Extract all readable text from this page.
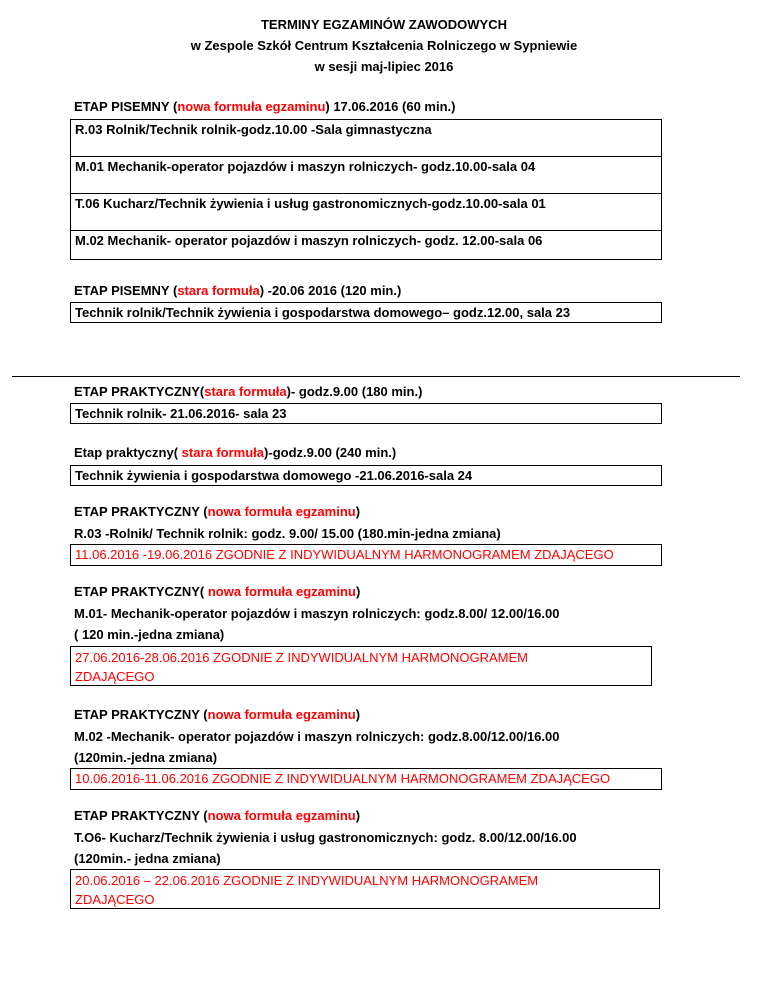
TERMINY EGZAMINÓW ZAWODOWYCH
w Zespole Szkół Centrum Kształcenia Rolniczego w Sypniewie
w sesji maj-lipiec 2016
ETAP PISEMNY (nowa formuła egzaminu) 17.06.2016 (60 min.)
R.03 Rolnik/Technik rolnik-godz.10.00 -Sala gimnastyczna
M.01 Mechanik-operator pojazdów i maszyn rolniczych- godz.10.00-sala 04
T.06 Kucharz/Technik żywienia i usług gastronomicznych-godz.10.00-sala 01
M.02 Mechanik- operator pojazdów i maszyn rolniczych- godz. 12.00-sala 06
ETAP PISEMNY (stara formuła) -20.06 2016 (120 min.)
Technik rolnik/Technik żywienia i gospodarstwa domowego– godz.12.00, sala 23
ETAP PRAKTYCZNY(stara formuła)- godz.9.00 (180 min.)
Technik rolnik- 21.06.2016- sala 23
Etap praktyczny( stara formuła)-godz.9.00 (240 min.)
Technik żywienia i gospodarstwa domowego -21.06.2016-sala 24
ETAP PRAKTYCZNY (nowa formuła egzaminu)
R.03 -Rolnik/ Technik rolnik: godz. 9.00/ 15.00 (180.min-jedna zmiana)
11.06.2016 -19.06.2016 ZGODNIE Z INDYWIDUALNYM HARMONOGRAMEM ZDAJĄCEGO
ETAP PRAKTYCZNY( nowa formuła egzaminu)
M.01- Mechanik-operator pojazdów i maszyn rolniczych: godz.8.00/ 12.00/16.00
( 120 min.-jedna zmiana)
27.06.2016-28.06.2016 ZGODNIE Z INDYWIDUALNYM HARMONOGRAMEM
ZDAJĄCEGO
ETAP PRAKTYCZNY (nowa formuła egzaminu)
M.02 -Mechanik- operator pojazdów i maszyn rolniczych: godz.8.00/12.00/16.00
(120min.-jedna zmiana)
10.06.2016-11.06.2016 ZGODNIE Z INDYWIDUALNYM HARMONOGRAMEM ZDAJĄCEGO
ETAP PRAKTYCZNY (nowa formuła egzaminu)
T.O6- Kucharz/Technik żywienia i usług gastronomicznych: godz. 8.00/12.00/16.00
(120min.- jedna zmiana)
20.06.2016 – 22.06.2016 ZGODNIE Z INDYWIDUALNYM HARMONOGRAMEM
ZDAJĄCEGO
